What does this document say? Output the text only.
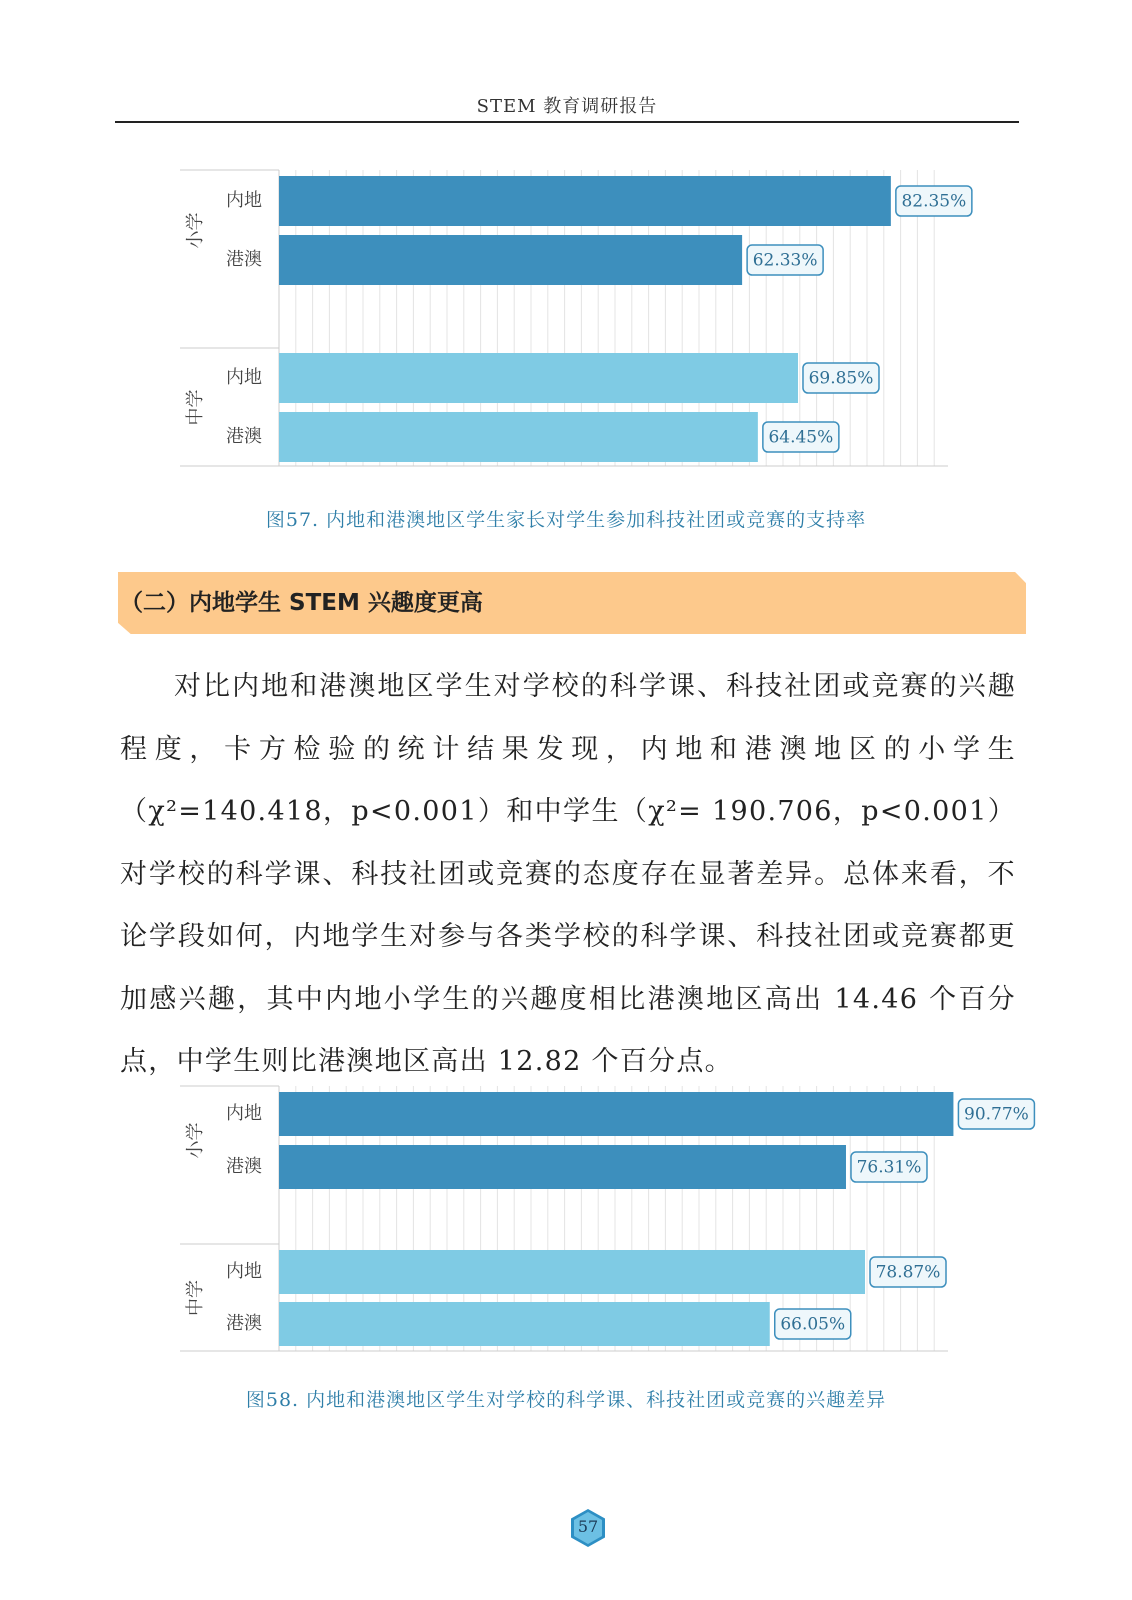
STEM 教育调研报告
小学
内地	82.35%
港澳	62.33%
中学
内地	69.85%
港澳	64.45%
图57. 内地和港澳地区学生家长对学生参加科技社团或竞赛的支持率
（二）内地学生 STEM 兴趣度更高

对比内地和港澳地区学生对学校的科学课、科技社团或竞赛的兴趣程度，卡方检验的统计结果发现，内地和港澳地区的小学生（χ²=140.418，p<0.001）和中学生（χ²= 190.706，p<0.001）对学校的科学课、科技社团或竞赛的态度存在显著差异。总体来看，不论学段如何，内地学生对参与各类学校的科学课、科技社团或竞赛都更加感兴趣，其中内地小学生的兴趣度相比港澳地区高出 14.46 个百分点，中学生则比港澳地区高出 12.82 个百分点。

小学
内地	90.77%
港澳	76.31%
中学
内地	78.87%
港澳	66.05%
图58. 内地和港澳地区学生对学校的科学课、科技社团或竞赛的兴趣差异
57
